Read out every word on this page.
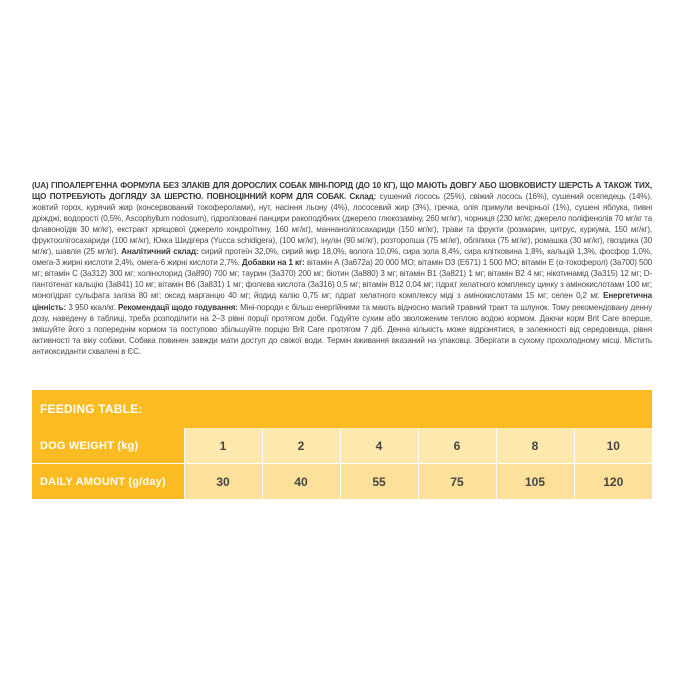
(UA) ГІПОАЛЕРГЕННА ФОРМУЛА БЕЗ ЗЛАКІВ ДЛЯ ДОРОСЛИХ СОБАК МІНІ-ПОРІД (ДО 10 КГ), ЩО МАЮТЬ ДОВГУ АБО ШОВКОВИСТУ ШЕРСТЬ А ТАКОЖ ТИХ, ЩО ПОТРЕБУЮТЬ ДОГЛЯДУ ЗА ШЕРСТЮ. ПОВНОЦІННИЙ КОРМ ДЛЯ СОБАК. Склад: сушений лосось (25%), свіжий лосось (16%), сушений оселедець (14%), жовтий горох, курячий жир (консервований токоферолами), нут, насіння льону (4%), лососевий жир (3%), гречка, олія примули вечірньої (1%), сушені яблука, пивні дріжджі, водорості (0,5%, Ascophyllum nodosum), гідролізовані панцири ракоподібних (джерело глюкозаміну, 260 мг/кг), чорниця (230 мг/кг, джерело поліфенолів 70 мг/кг та флавоноїдів 30 мг/кг), екстракт хрящової (джерело хондроїтину, 160 мг/кг), маннанолігосахариди (150 мг/кг), трави та фрукти (розмарин, цитрус, куркума, 150 мг/кг), фруктоолігосахариди (100 мг/кг), Юкка Шидігера (Yucca schidigera), (100 мг/кг), інулін (90 мг/кг), розторопша (75 мг/кг), обліпиха (75 мг/кг), ромашка (30 мг/кг), гвоздика (30 мг/кг), шавлія (25 мг/кг). Аналітичний склад: сирий протеїн 32,0%, сирий жир 18,0%, волога 10,0%, сира зола 8,4%, сира клітковина 1,8%, кальцій 1,3%, фосфор 1,0%, омега-3 жирні кислоти 2,4%, омега-6 жирні кислоти 2,7%. Добавки на 1 кг: вітамін А (3а672а) 20 000 МО; вітамін D3 (Е671) 1 500 МО; вітамін Е (α-токоферол) (3а700) 500 мг; вітамін С (3а312) 300 мг; холінхлорид (3а890) 700 мг; таурин (3а370) 200 мг; біотин (3а880) 3 мг; вітамін В1 (3а821) 1 мг; вітамін В2 4 мг; нікотинамід (3а315) 12 мг; D-пантотенат кальцію (3а841) 10 мг; вітамін В6 (3а831) 1 мг; фолієва кислота (3а316) 0,5 мг; вітамін В12 0,04 мг; гідрат хелатного комплексу цинку з амінокислотами 100 мг; моногідрат сульфата заліза 80 мг; оксид марганцю 40 мг; йодид калію 0,75 мг; гідрат хелатного комплексу міді з амінокислотами 15 мг; селен 0,2 мг. Енергетична цінність: 3 950 ккал/кг. Рекомендації щодо годування: Міні-породи є більш енергійними та мають відносно малий травний тракт та шлунок. Тому рекомендовану денну дозу, наведену в таблиці, треба розподілити на 2–3 рівні порції протягом доби. Годуйте сухим або зволоженим теплою водою кормом. Даючи корм Brit Care вперше, змішуйте його з попереднім кормом та поступово збільшуйте порцію Brit Care протягом 7 діб. Денна кількість може відрізнятися, в залежності від середовища, рівня активності та віку собаки. Собака повинен завжди мати доступ до свіжої води. Термін вживання вказаний на упаковці. Зберігати в сухому прохолодному місці. Містить антиоксиданти схвалені в ЄС.
FEEDING TABLE:
DOG WEIGHT (kg)	1	2	4	6	8	10
DAILY AMOUNT (g/day)	30	40	55	75	105	120
